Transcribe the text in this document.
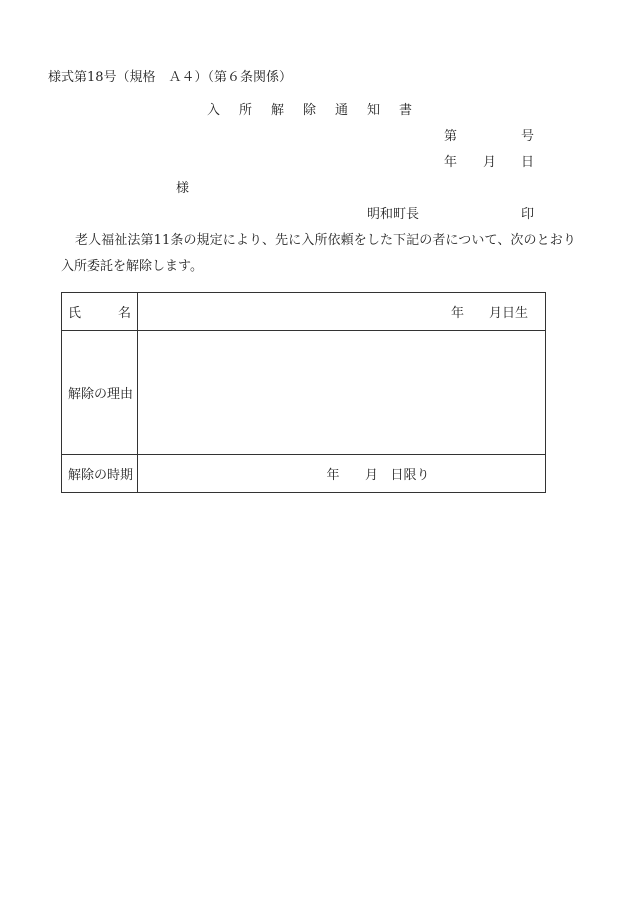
様式第18号（規格　Ａ４）（第６条関係）
入 所 解 除 通 知 書
第	号
年 月 日
様
明和町長	印
老人福祉法第11条の規定により、先に入所依頼をした下記の者について、次のとおり
入所委託を解除します。
氏 名	年 月日生
解除の理由	
解除の時期	年 月 日限り
